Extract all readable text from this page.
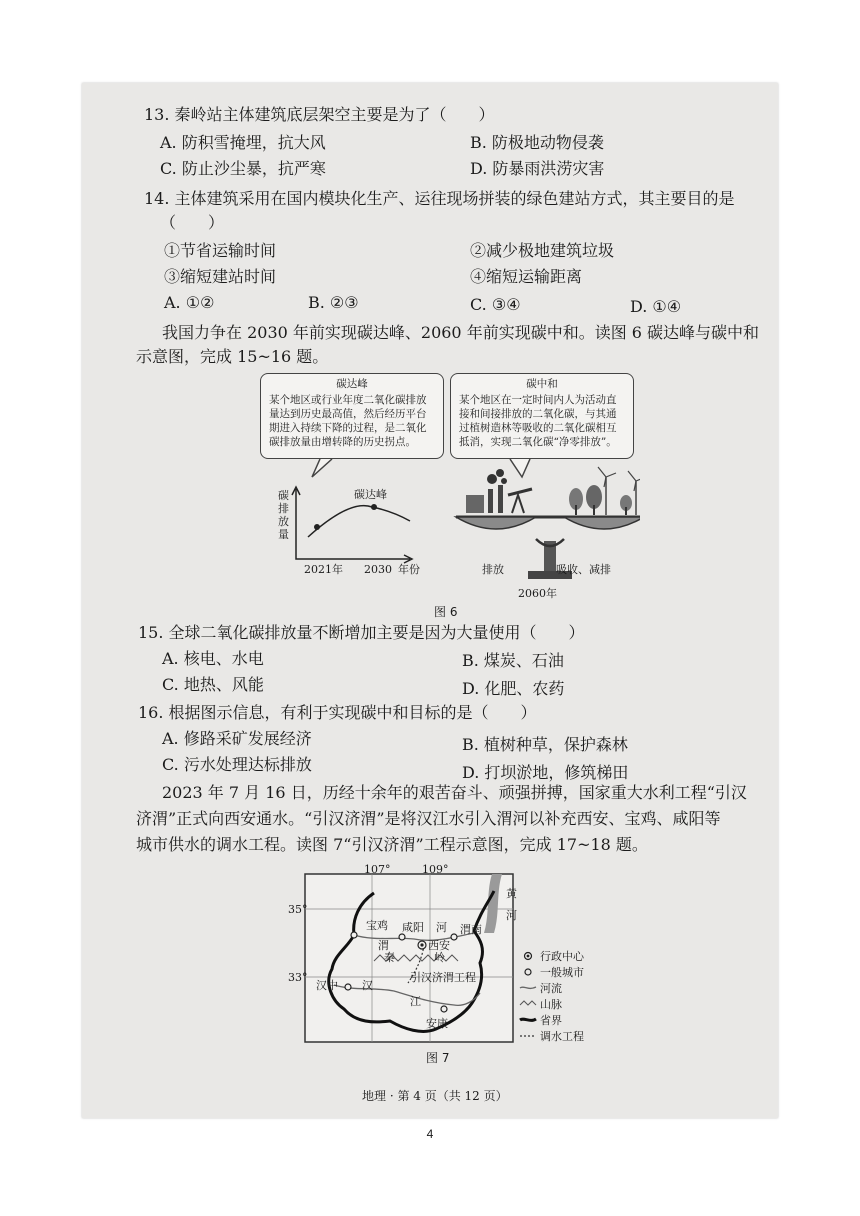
13. 秦岭站主体建筑底层架空主要是为了（　　）
A. 防积雪掩埋，抗大风	B. 防极地动物侵袭
C. 防止沙尘暴，抗严寒	D. 防暴雨洪涝灾害
14. 主体建筑采用在国内模块化生产、运往现场拼装的绿色建站方式，其主要目的是
（　　）
①节省运输时间	②减少极地建筑垃圾
③缩短建站时间	④缩短运输距离
A. ①②	B. ②③	C. ③④	D. ①④
我国力争在 2030 年前实现碳达峰、2060 年前实现碳中和。读图 6 碳达峰与碳中和
示意图，完成 15~16 题。
碳达峰
某个地区或行业年度二氧化碳排放量达到历史最高值，然后经历平台期进入持续下降的过程，是二氧化碳排放量由增转降的历史拐点。
碳中和
某个地区在一定时间内人为活动直接和间接排放的二氧化碳，与其通过植树造林等吸收的二氧化碳相互抵消，实现二氧化碳“净零排放”。
碳
排
放
量
碳达峰
2021年 2030 年份	排放	吸收、减排
2060年
图 6
15. 全球二氧化碳排放量不断增加主要是因为大量使用（　　）
A. 核电、水电	B. 煤炭、石油
C. 地热、风能	D. 化肥、农药
16. 根据图示信息，有利于实现碳中和目标的是（　　）
A. 修路采矿发展经济	B. 植树种草，保护森林
C. 污水处理达标排放	D. 打坝淤地，修筑梯田
2023 年 7 月 16 日，历经十余年的艰苦奋斗、顽强拼搏，国家重大水利工程“引汉
济渭”正式向西安通水。“引汉济渭”是将汉江水引入渭河以补充西安、宝鸡、咸阳等
城市供水的调水工程。读图 7“引汉济渭”工程示意图，完成 17~18 题。
107°	109°
35°
33°
黄
河
宝鸡
渭
咸阳 河 渭南
西安
秦	岭
汉中 汉
引汉济渭工程
江
安康
行政中心
一般城市
河流
山脉
省界
调水工程
图 7
地理 · 第 4 页（共 12 页）
4
